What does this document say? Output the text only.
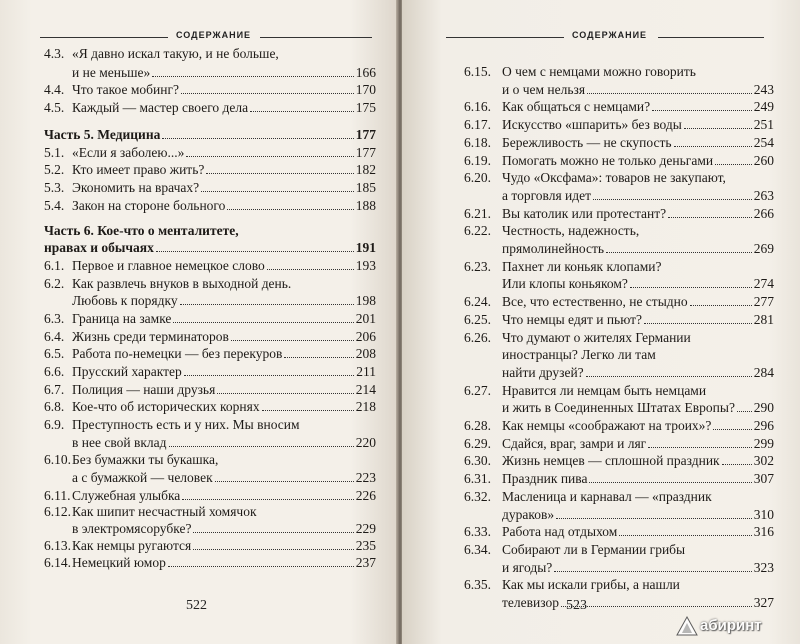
СОДЕРЖАНИЕ
4.3. «Я давно искал такую, и не больше,
и не меньше»	166
4.4. Что такое мобинг?	170
4.5. Каждый — мастер своего дела	175
Часть 5. Медицина	177
5.1. «Если я заболею...»	177
5.2. Кто имеет право жить?	182
5.3. Экономить на врачах?	185
5.4. Закон на стороне больного	188
Часть 6. Кое-что о менталитете,
нравах и обычаях	191
6.1. Первое и главное немецкое слово	193
6.2. Как развлечь внуков в выходной день.
Любовь к порядку	198
6.3. Граница на замке	201
6.4. Жизнь среди терминаторов	206
6.5. Работа по-немецки — без перекуров	208
6.6. Прусский характер	211
6.7. Полиция — наши друзья	214
6.8. Кое-что об исторических корнях	218
6.9. Преступность есть и у них. Мы вносим
в нее свой вклад	220
6.10. Без бумажки ты букашка,
а с бумажкой — человек	223
6.11. Служебная улыбка	226
6.12. Как шипит несчастный хомячок
в электромясорубке?	229
6.13. Как немцы ругаются	235
6.14. Немецкий юмор	237
522
СОДЕРЖАНИЕ
6.15. О чем с немцами можно говорить
и о чем нельзя	243
6.16. Как общаться с немцами?	249
6.17. Искусство «шпарить» без воды	251
6.18. Бережливость — не скупость	254
6.19. Помогать можно не только деньгами	260
6.20. Чудо «Оксфама»: товаров не закупают,
а торговля идет	263
6.21. Вы католик или протестант?	266
6.22. Честность, надежность,
прямолинейность	269
6.23. Пахнет ли коньяк клопами?
Или клопы коньяком?	274
6.24. Все, что естественно, не стыдно	277
6.25. Что немцы едят и пьют?	281
6.26. Что думают о жителях Германии
иностранцы? Легко ли там
найти друзей?	284
6.27. Нравится ли немцам быть немцами
и жить в Соединенных Штатах Европы? 290
6.28. Как немцы «соображают на троих»?	296
6.29. Сдайся, враг, замри и ляг	299
6.30. Жизнь немцев — сплошной праздник	302
6.31. Праздник пива	307
6.32. Масленица и карнавал — «праздник
дураков»	310
6.33. Работа над отдыхом	316
6.34. Собирают ли в Германии грибы
и ягоды?	323
6.35. Как мы искали грибы, а нашли
телевизор	327
523
абиринт
